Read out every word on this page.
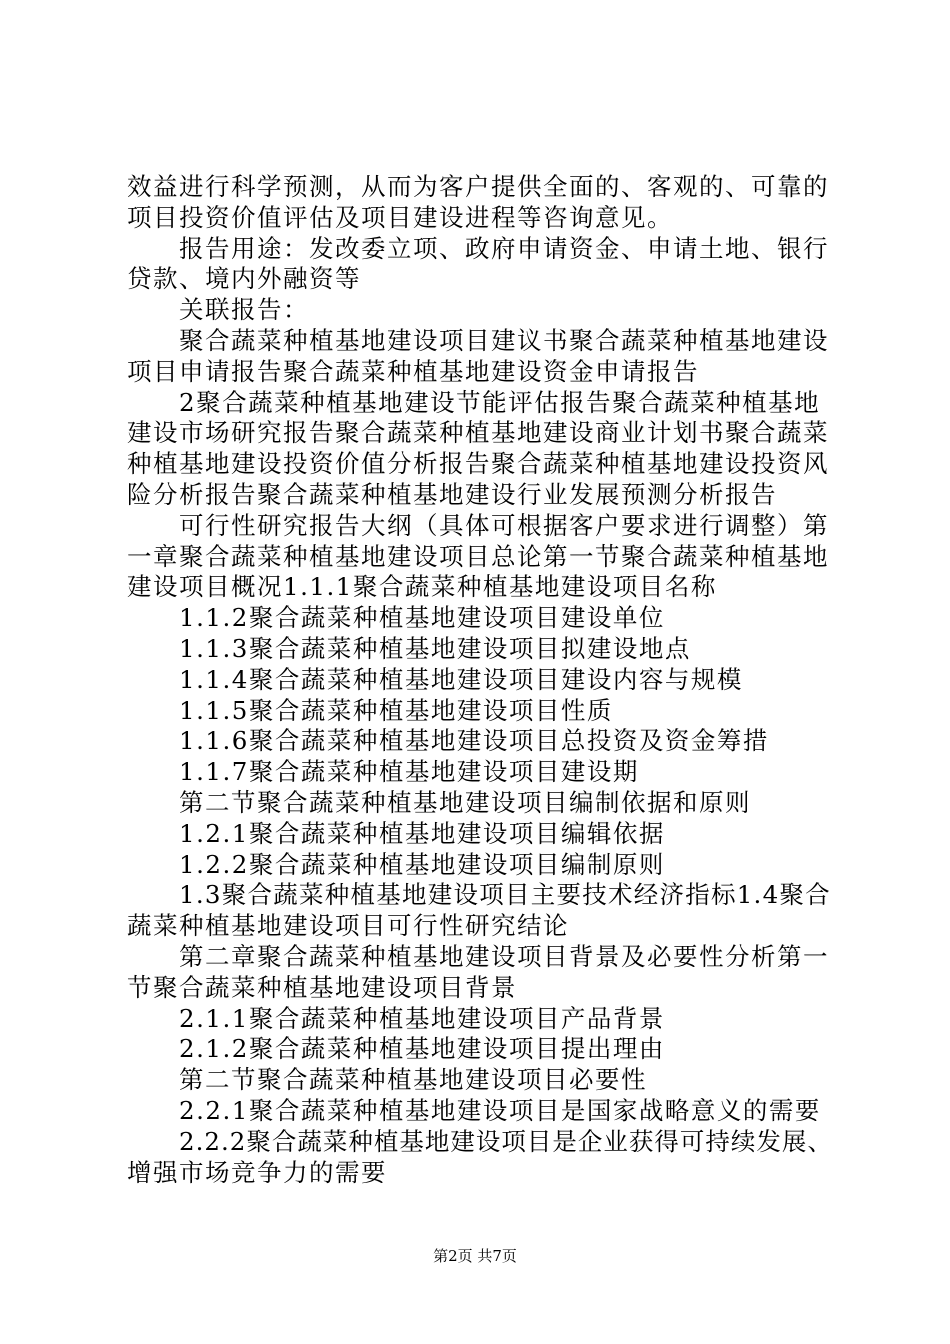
效益进行科学预测，从而为客户提供全面的、客观的、可靠的
项目投资价值评估及项目建设进程等咨询意见。
报告用途：发改委立项、政府申请资金、申请土地、银行
贷款、境内外融资等
关联报告：
聚合蔬菜种植基地建设项目建议书聚合蔬菜种植基地建设
项目申请报告聚合蔬菜种植基地建设资金申请报告
2聚合蔬菜种植基地建设节能评估报告聚合蔬菜种植基地
建设市场研究报告聚合蔬菜种植基地建设商业计划书聚合蔬菜
种植基地建设投资价值分析报告聚合蔬菜种植基地建设投资风
险分析报告聚合蔬菜种植基地建设行业发展预测分析报告
可行性研究报告大纲（具体可根据客户要求进行调整）第
一章聚合蔬菜种植基地建设项目总论第一节聚合蔬菜种植基地
建设项目概况1.1.1聚合蔬菜种植基地建设项目名称
1.1.2聚合蔬菜种植基地建设项目建设单位
1.1.3聚合蔬菜种植基地建设项目拟建设地点
1.1.4聚合蔬菜种植基地建设项目建设内容与规模
1.1.5聚合蔬菜种植基地建设项目性质
1.1.6聚合蔬菜种植基地建设项目总投资及资金筹措
1.1.7聚合蔬菜种植基地建设项目建设期
第二节聚合蔬菜种植基地建设项目编制依据和原则
1.2.1聚合蔬菜种植基地建设项目编辑依据
1.2.2聚合蔬菜种植基地建设项目编制原则
1.3聚合蔬菜种植基地建设项目主要技术经济指标1.4聚合
蔬菜种植基地建设项目可行性研究结论
第二章聚合蔬菜种植基地建设项目背景及必要性分析第一
节聚合蔬菜种植基地建设项目背景
2.1.1聚合蔬菜种植基地建设项目产品背景
2.1.2聚合蔬菜种植基地建设项目提出理由
第二节聚合蔬菜种植基地建设项目必要性
2.2.1聚合蔬菜种植基地建设项目是国家战略意义的需要
2.2.2聚合蔬菜种植基地建设项目是企业获得可持续发展、
增强市场竞争力的需要
第2页 共7页
